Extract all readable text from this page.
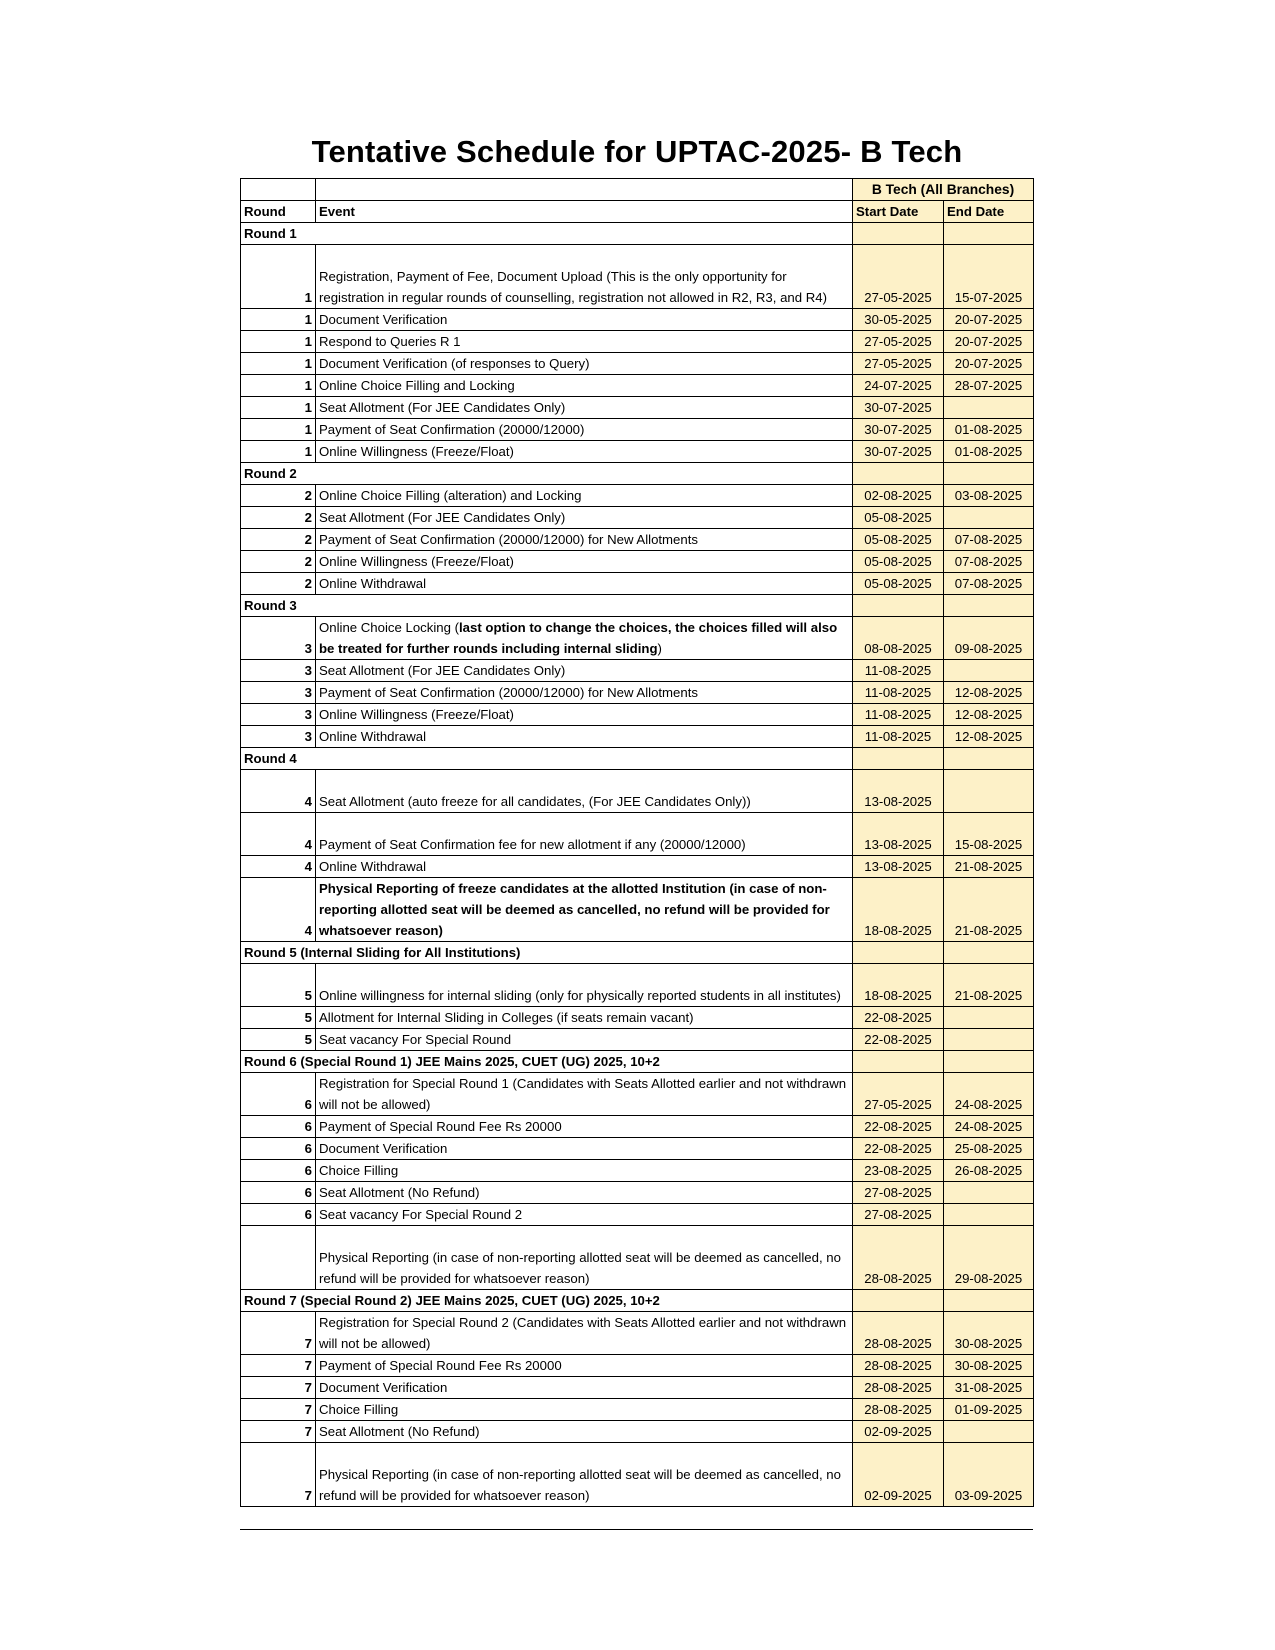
Tentative Schedule for UPTAC-2025- B Tech
		B Tech (All Branches)	
Round	Event	Start Date	End Date
Round 1			
1	Registration, Payment of Fee, Document Upload (This is the only opportunity for registration in regular rounds of counselling, registration not allowed in R2, R3, and R4)	27-05-2025	15-07-2025
1	Document Verification	30-05-2025	20-07-2025
1	Respond to Queries R 1	27-05-2025	20-07-2025
1	Document Verification (of responses to Query)	27-05-2025	20-07-2025
1	Online Choice Filling and Locking	24-07-2025	28-07-2025
1	Seat Allotment (For JEE Candidates Only)	30-07-2025	
1	Payment of Seat Confirmation (20000/12000)	30-07-2025	01-08-2025
1	Online Willingness (Freeze/Float)	30-07-2025	01-08-2025
Round 2			
2	Online Choice Filling (alteration) and Locking	02-08-2025	03-08-2025
2	Seat Allotment (For JEE Candidates Only)	05-08-2025	
2	Payment of Seat Confirmation (20000/12000) for New Allotments	05-08-2025	07-08-2025
2	Online Willingness (Freeze/Float)	05-08-2025	07-08-2025
2	Online Withdrawal	05-08-2025	07-08-2025
Round 3			
3	Online Choice Locking (last option to change the choices, the choices filled will also be treated for further rounds including internal sliding)	08-08-2025	09-08-2025
3	Seat Allotment (For JEE Candidates Only)	11-08-2025	
3	Payment of Seat Confirmation (20000/12000) for New Allotments	11-08-2025	12-08-2025
3	Online Willingness (Freeze/Float)	11-08-2025	12-08-2025
3	Online Withdrawal	11-08-2025	12-08-2025
Round 4			
4	Seat Allotment (auto freeze for all candidates, (For JEE Candidates Only))	13-08-2025	
4	Payment of Seat Confirmation fee for new allotment if any (20000/12000)	13-08-2025	15-08-2025
4	Online Withdrawal	13-08-2025	21-08-2025
4	Physical Reporting of freeze candidates at the allotted Institution (in case of non-reporting allotted seat will be deemed as cancelled, no refund will be provided for whatsoever reason)	18-08-2025	21-08-2025
Round 5 (Internal Sliding for All Institutions)			
5	Online willingness for internal sliding (only for physically reported students in all institutes)	18-08-2025	21-08-2025
5	Allotment for Internal Sliding in Colleges (if seats remain vacant)	22-08-2025	
5	Seat vacancy For Special Round	22-08-2025	
Round 6 (Special Round 1) JEE Mains 2025, CUET (UG) 2025, 10+2			
6	Registration for Special Round 1 (Candidates with Seats Allotted earlier and not withdrawn will not be allowed)	27-05-2025	24-08-2025
6	Payment of Special Round Fee Rs 20000	22-08-2025	24-08-2025
6	Document Verification	22-08-2025	25-08-2025
6	Choice Filling	23-08-2025	26-08-2025
6	Seat Allotment (No Refund)	27-08-2025	
6	Seat vacancy For Special Round 2	27-08-2025	
	Physical Reporting (in case of non-reporting allotted seat will be deemed as cancelled, no refund will be provided for whatsoever reason)	28-08-2025	29-08-2025
Round 7 (Special Round 2) JEE Mains 2025, CUET (UG) 2025, 10+2			
7	Registration for Special Round 2 (Candidates with Seats Allotted earlier and not withdrawn will not be allowed)	28-08-2025	30-08-2025
7	Payment of Special Round Fee Rs 20000	28-08-2025	30-08-2025
7	Document Verification	28-08-2025	31-08-2025
7	Choice Filling	28-08-2025	01-09-2025
7	Seat Allotment (No Refund)	02-09-2025	
7	Physical Reporting (in case of non-reporting allotted seat will be deemed as cancelled, no refund will be provided for whatsoever reason)	02-09-2025	03-09-2025
